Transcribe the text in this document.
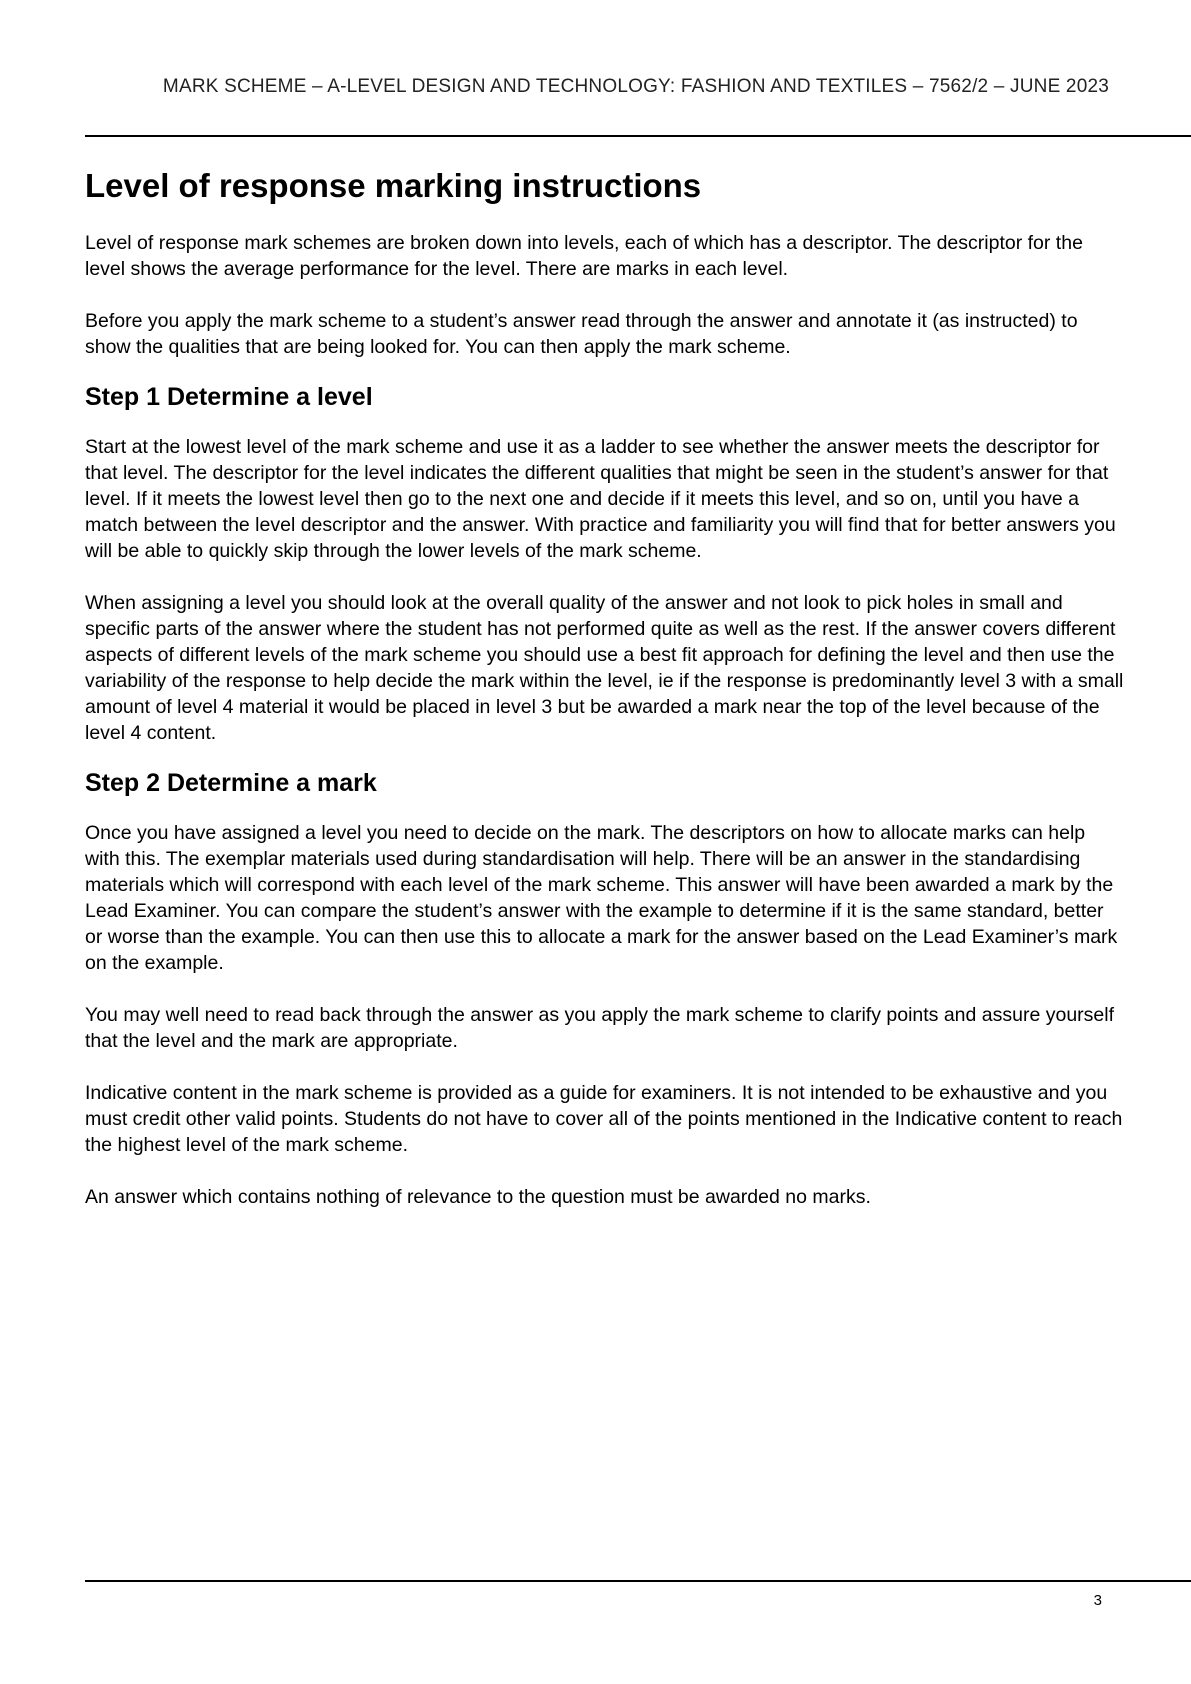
MARK SCHEME – A-LEVEL DESIGN AND TECHNOLOGY: FASHION AND TEXTILES – 7562/2 – JUNE 2023
Level of response marking instructions

Level of response mark schemes are broken down into levels, each of which has a descriptor. The descriptor for the level shows the average performance for the level. There are marks in each level.

Before you apply the mark scheme to a student’s answer read through the answer and annotate it (as instructed) to show the qualities that are being looked for. You can then apply the mark scheme.

Step 1 Determine a level

Start at the lowest level of the mark scheme and use it as a ladder to see whether the answer meets the descriptor for that level. The descriptor for the level indicates the different qualities that might be seen in the student’s answer for that level. If it meets the lowest level then go to the next one and decide if it meets this level, and so on, until you have a match between the level descriptor and the answer. With practice and familiarity you will find that for better answers you will be able to quickly skip through the lower levels of the mark scheme.

When assigning a level you should look at the overall quality of the answer and not look to pick holes in small and specific parts of the answer where the student has not performed quite as well as the rest. If the answer covers different aspects of different levels of the mark scheme you should use a best fit approach for defining the level and then use the variability of the response to help decide the mark within the level, ie if the response is predominantly level 3 with a small amount of level 4 material it would be placed in level 3 but be awarded a mark near the top of the level because of the level 4 content.

Step 2 Determine a mark

Once you have assigned a level you need to decide on the mark. The descriptors on how to allocate marks can help with this. The exemplar materials used during standardisation will help. There will be an answer in the standardising materials which will correspond with each level of the mark scheme. This answer will have been awarded a mark by the Lead Examiner. You can compare the student’s answer with the example to determine if it is the same standard, better or worse than the example. You can then use this to allocate a mark for the answer based on the Lead Examiner’s mark on the example.

You may well need to read back through the answer as you apply the mark scheme to clarify points and assure yourself that the level and the mark are appropriate.

Indicative content in the mark scheme is provided as a guide for examiners. It is not intended to be exhaustive and you must credit other valid points. Students do not have to cover all of the points mentioned in the Indicative content to reach the highest level of the mark scheme.

An answer which contains nothing of relevance to the question must be awarded no marks.

3
